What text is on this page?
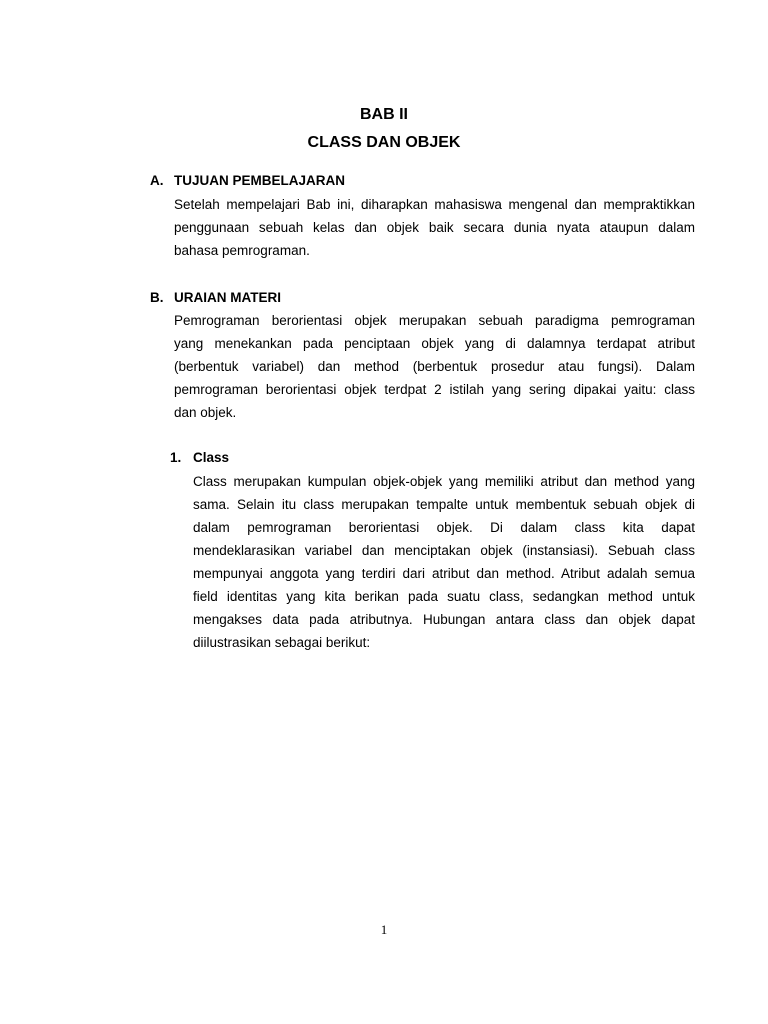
BAB II
CLASS DAN OBJEK
A. TUJUAN PEMBELAJARAN
Setelah mempelajari Bab ini, diharapkan mahasiswa mengenal dan mempraktikkan
penggunaan sebuah kelas dan objek baik secara dunia nyata ataupun dalam
bahasa pemrograman.
B. URAIAN MATERI
Pemrograman berorientasi objek merupakan sebuah paradigma pemrograman
yang menekankan pada penciptaan objek yang di dalamnya terdapat atribut
(berbentuk variabel) dan method (berbentuk prosedur atau fungsi). Dalam
pemrograman berorientasi objek terdpat 2 istilah yang sering dipakai yaitu: class
dan objek.
1. Class
Class merupakan kumpulan objek-objek yang memiliki atribut dan method yang
sama. Selain itu class merupakan tempalte untuk membentuk sebuah objek di
dalam pemrograman berorientasi objek. Di dalam class kita dapat
mendeklarasikan variabel dan menciptakan objek (instansiasi). Sebuah class
mempunyai anggota yang terdiri dari atribut dan method. Atribut adalah semua
field identitas yang kita berikan pada suatu class, sedangkan method untuk
mengakses data pada atributnya. Hubungan antara class dan objek dapat
diilustrasikan sebagai berikut:
1
